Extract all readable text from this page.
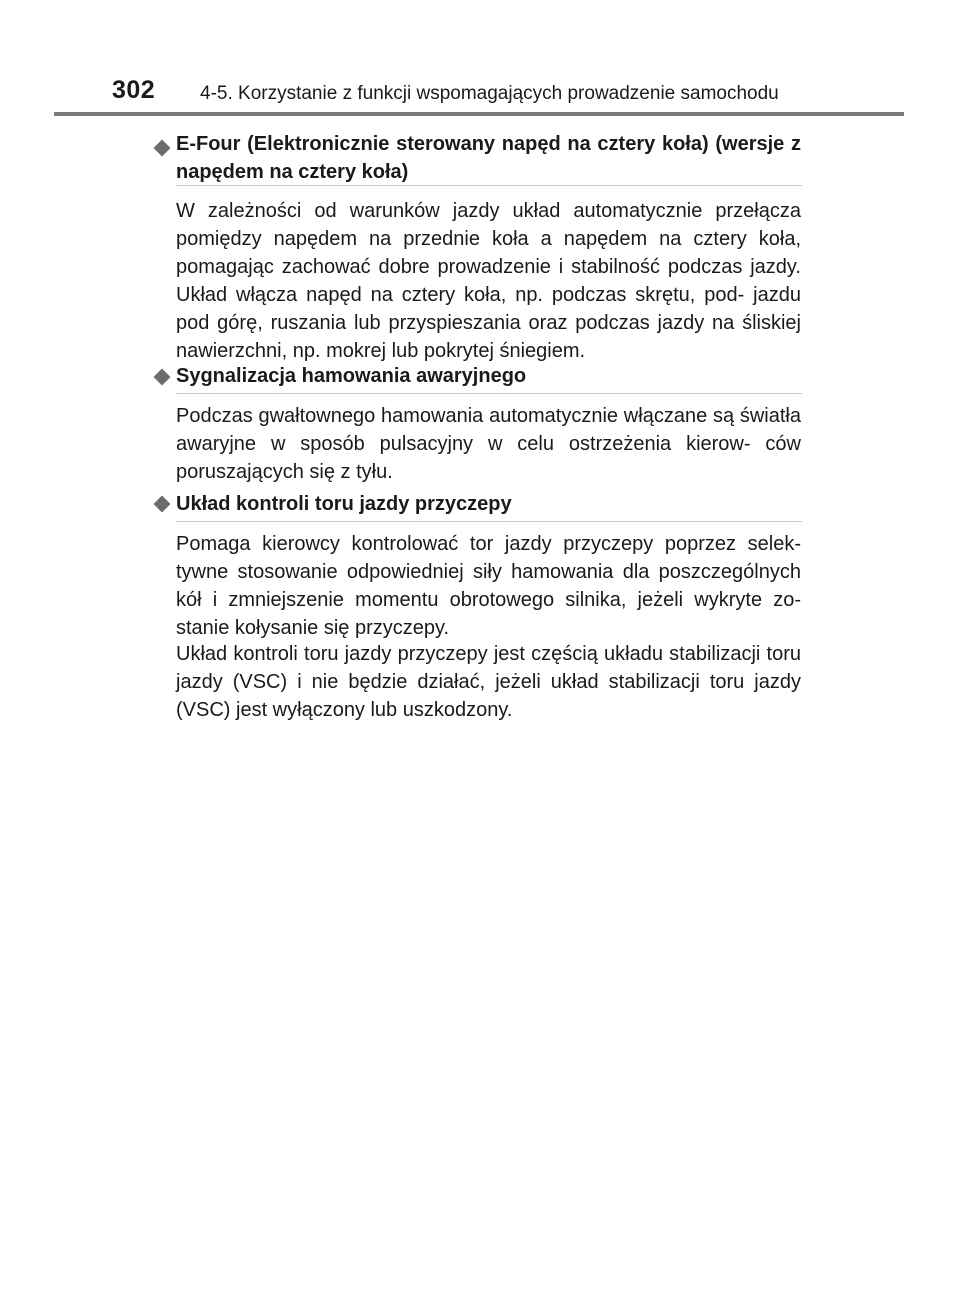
302 4-5. Korzystanie z funkcji wspomagających prowadzenie samochodu
E-Four (Elektronicznie sterowany napęd na cztery koła) (wersje z napędem na cztery koła)
W zależności od warunków jazdy układ automatycznie przełącza pomiędzy napędem na przednie koła a napędem na cztery koła, pomagając zachować dobre prowadzenie i stabilność podczas jazdy. Układ włącza napęd na cztery koła, np. podczas skrętu, pod- jazdu pod górę, ruszania lub przyspieszania oraz podczas jazdy na śliskiej nawierzchni, np. mokrej lub pokrytej śniegiem.
Sygnalizacja hamowania awaryjnego
Podczas gwałtownego hamowania automatycznie włączane są światła awaryjne w sposób pulsacyjny w celu ostrzeżenia kierow- ców poruszających się z tyłu.
Układ kontroli toru jazdy przyczepy
Pomaga kierowcy kontrolować tor jazdy przyczepy poprzez selek- tywne stosowanie odpowiedniej siły hamowania dla poszczególnych kół i zmniejszenie momentu obrotowego silnika, jeżeli wykryte zo- stanie kołysanie się przyczepy.
Układ kontroli toru jazdy przyczepy jest częścią układu stabilizacji toru jazdy (VSC) i nie będzie działać, jeżeli układ stabilizacji toru jazdy (VSC) jest wyłączony lub uszkodzony.
